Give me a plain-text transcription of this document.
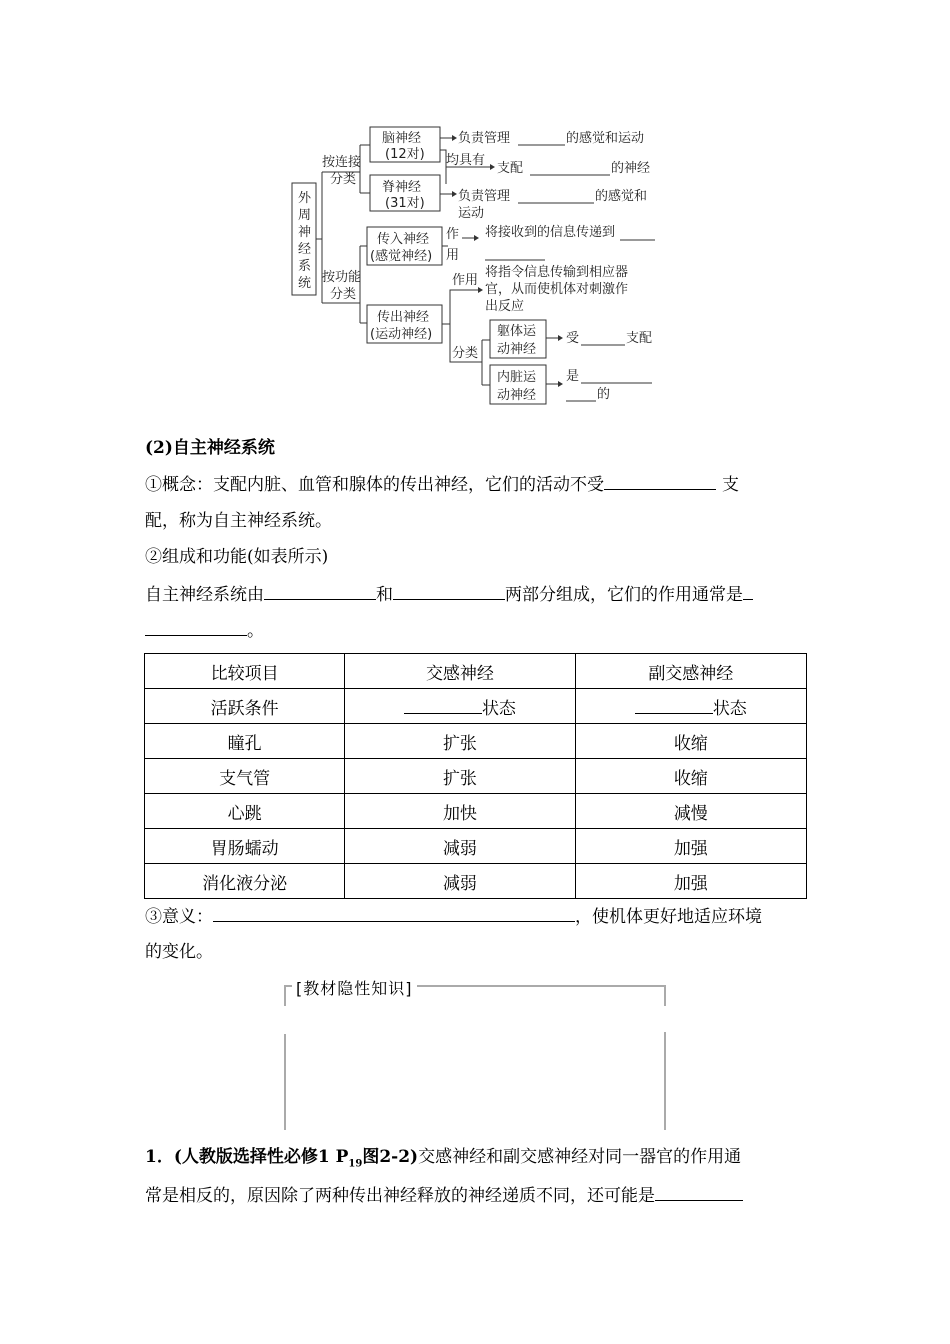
外 周 神 经 系 统
按连接
分类
按功能
分类
脑神经
(12对)
脊神经
(31对)
负责管理	的感觉和运动
均具有
支配	的神经
负责管理	的感觉和
运动
传入神经
(感觉神经)
作
用
将接收到的信息传递到
传出神经
(运动神经)
作用
将指令信息传输到相应器
官，从而使机体对刺激作
出反应
分类
躯体运
动神经
受	支配
内脏运
动神经
是
的
(2)自主神经系统
①概念：支配内脏、血管和腺体的传出神经，它们的活动不受	支
配，称为自主神经系统。
②组成和功能(如表所示)
自主神经系统由	和	两部分组成，它们的作用通常是
。
比较项目	交感神经	副交感神经
活跃条件	状态	状态
瞳孔	扩张	收缩
支气管	扩张	收缩
心跳	加快	减慢
胃肠蠕动	减弱	加强
消化液分泌	减弱	加强
③意义：	，使机体更好地适应环境
的变化。
[教材隐性知识]
1．(人教版选择性必修1 $P_{19}$图2-2)交感神经和副交感神经对同一器官的作用通
常是相反的，原因除了两种传出神经释放的神经递质不同，还可能是
